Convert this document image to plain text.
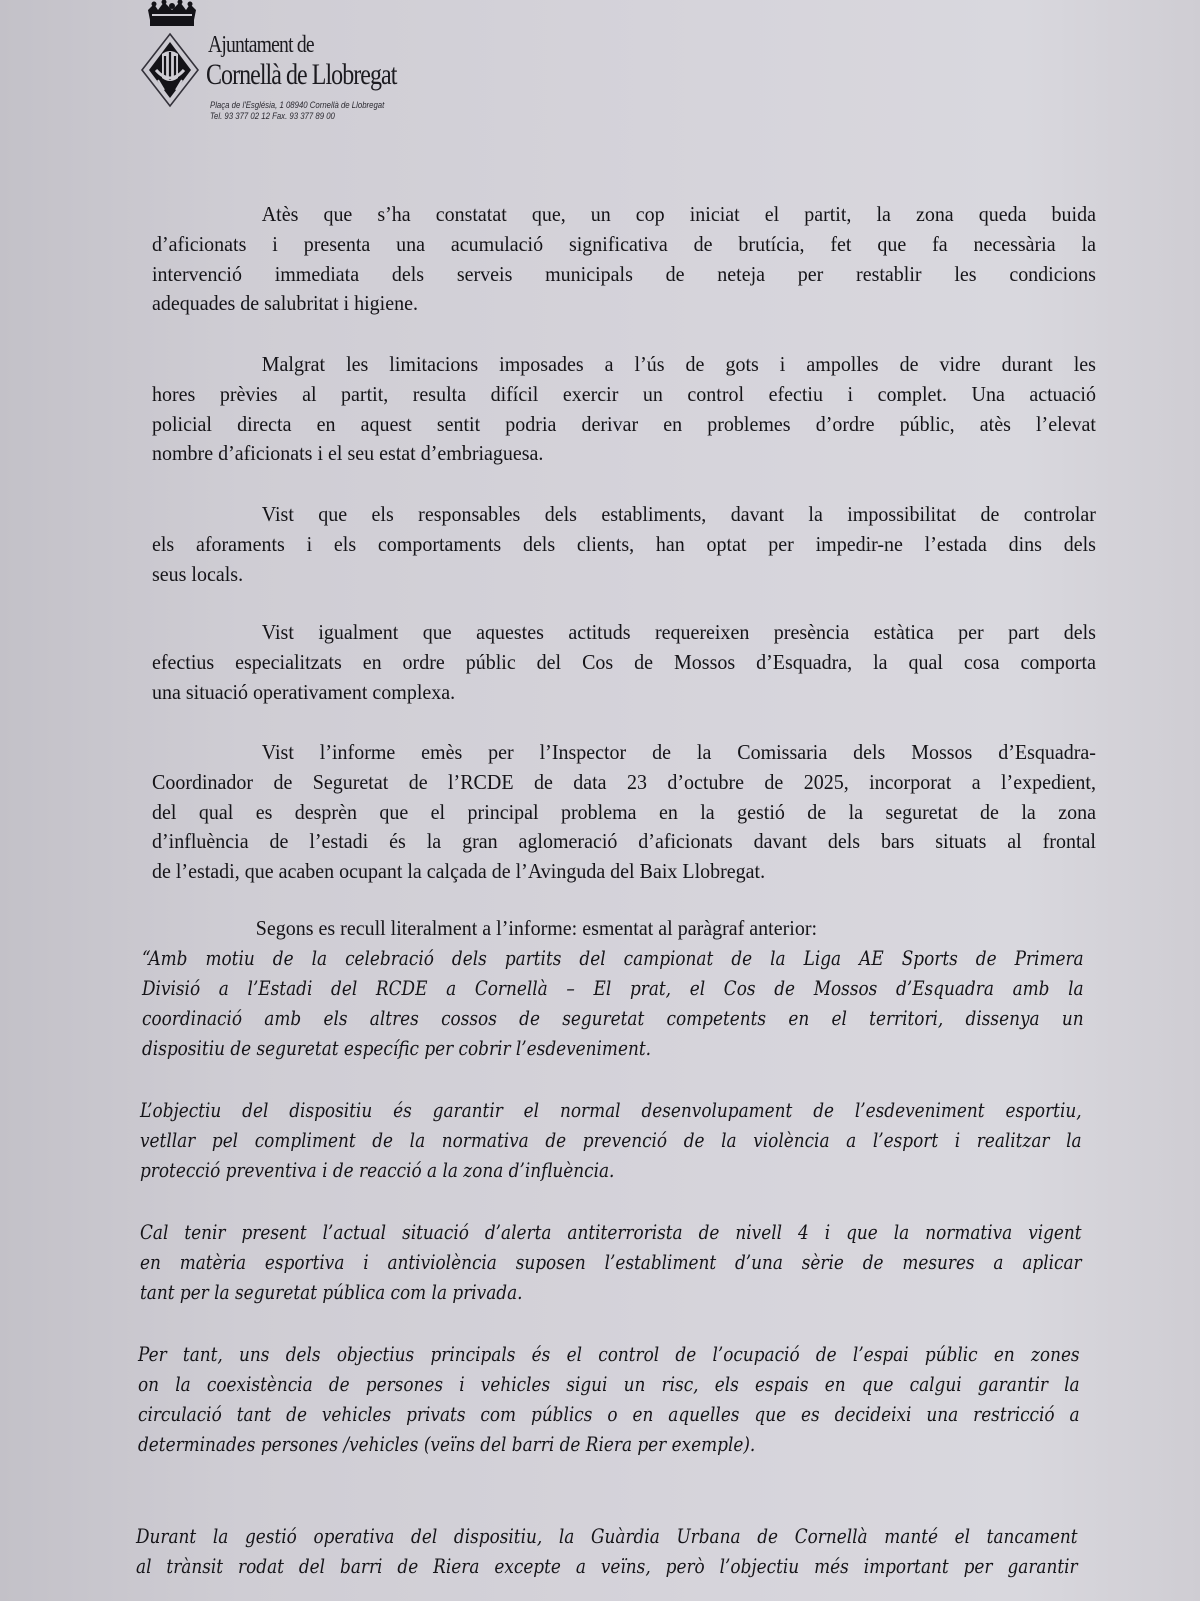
Ajuntament de
Cornellà de Llobregat
Plaça de l'Església, 1 08940 Cornellà de Llobregat
Tel. 93 377 02 12 Fax. 93 377 89 00
Atès que s’ha constatat que, un cop iniciat el partit, la zona queda buida
d’aficionats i presenta una acumulació significativa de brutícia, fet que fa necessària la
intervenció immediata dels serveis municipals de neteja per restablir les condicions
adequades de salubritat i higiene.
Malgrat les limitacions imposades a l’ús de gots i ampolles de vidre durant les
hores prèvies al partit, resulta difícil exercir un control efectiu i complet. Una actuació
policial directa en aquest sentit podria derivar en problemes d’ordre públic, atès l’elevat
nombre d’aficionats i el seu estat d’embriaguesa.
Vist que els responsables dels establiments, davant la impossibilitat de controlar
els aforaments i els comportaments dels clients, han optat per impedir-ne l’estada dins dels
seus locals.
Vist igualment que aquestes actituds requereixen presència estàtica per part dels
efectius especialitzats en ordre públic del Cos de Mossos d’Esquadra, la qual cosa comporta
una situació operativament complexa.
Vist l’informe emès per l’Inspector de la Comissaria dels Mossos d’Esquadra-
Coordinador de Seguretat de l’RCDE de data 23 d’octubre de 2025, incorporat a l’expedient,
del qual es desprèn que el principal problema en la gestió de la seguretat de la zona
d’influència de l’estadi és la gran aglomeració d’aficionats davant dels bars situats al frontal
de l’estadi, que acaben ocupant la calçada de l’Avinguda del Baix Llobregat.
Segons es recull literalment a l’informe: esmentat al paràgraf anterior:
“Amb motiu de la celebració dels partits del campionat de la Liga AE Sports de Primera
Divisió a l’Estadi del RCDE a Cornellà – El prat, el Cos de Mossos d’Esquadra amb la
coordinació amb els altres cossos de seguretat competents en el territori, dissenya un
dispositiu de seguretat específic per cobrir l’esdeveniment.
L’objectiu del dispositiu és garantir el normal desenvolupament de l’esdeveniment esportiu,
vetllar pel compliment de la normativa de prevenció de la violència a l’esport i realitzar la
protecció preventiva i de reacció a la zona d’influència.
Cal tenir present l’actual situació d’alerta antiterrorista de nivell 4 i que la normativa vigent
en matèria esportiva i antiviolència suposen l’establiment d’una sèrie de mesures a aplicar
tant per la seguretat pública com la privada.
Per tant, uns dels objectius principals és el control de l’ocupació de l’espai públic en zones
on la coexistència de persones i vehicles sigui un risc, els espais en que calgui garantir la
circulació tant de vehicles privats com públics o en aquelles que es decideixi una restricció a
determinades persones /vehicles (veïns del barri de Riera per exemple).
Durant la gestió operativa del dispositiu, la Guàrdia Urbana de Cornellà manté el tancament
al trànsit rodat del barri de Riera excepte a veïns, però l’objectiu més important per garantir
